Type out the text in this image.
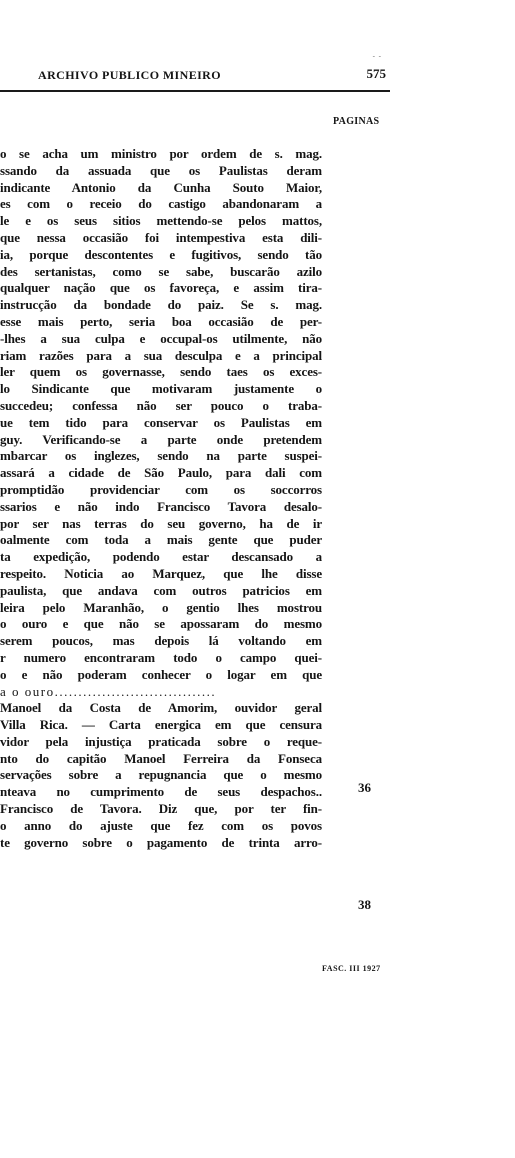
- -
ARCHIVO PUBLICO MINEIRO	575
PAGINAS
o se acha um ministro por ordem de s. mag.
ssando da assuada que os Paulistas deram
indicante Antonio da Cunha Souto Maior,
es com o receio do castigo abandonaram a
le e os seus sitios mettendo-se pelos mattos,
que nessa occasião foi intempestiva esta dili-
ia, porque descontentes e fugitivos, sendo tão
des sertanistas, como se sabe, buscarão azilo
qualquer nação que os favoreça, e assim tira-
instrucção da bondade do paiz. Se s. mag.
esse mais perto, seria boa occasião de per-
-lhes a sua culpa e occupal-os utilmente, não
riam razões para a sua desculpa e a principal
ler quem os governasse, sendo taes os exces-
lo Sindicante que motivaram justamente o
succedeu; confessa não ser pouco o traba-
ue tem tido para conservar os Paulistas em
guy. Verificando-se a parte onde pretendem
mbarcar os inglezes, sendo na parte suspei-
assará a cidade de São Paulo, para dali com
promptidão providenciar com os soccorros
ssarios e não indo Francisco Tavora desalo-
por ser nas terras do seu governo, ha de ir
oalmente com toda a mais gente que puder
ta expedição, podendo estar descansado a
respeito. Noticia ao Marquez, que lhe disse
paulista, que andava com outros patricios em
leira pelo Maranhão, o gentio lhes mostrou
o ouro e que não se apossaram do mesmo
serem poucos, mas depois lá voltando em
r numero encontraram todo o campo quei-
o e não poderam conhecer o logar em que
a o ouro..................................
Manoel da Costa de Amorim, ouvidor geral
Villa Rica. — Carta energica em que censura
vidor pela injustiça praticada sobre o reque-
nto do capitão Manoel Ferreira da Fonseca
servações sobre a repugnancia que o mesmo
nteava no cumprimento de seus despachos..
Francisco de Tavora. Diz que, por ter fin-
o anno do ajuste que fez com os povos
te governo sobre o pagamento de trinta arro-
36
38
FASC. III 1927
